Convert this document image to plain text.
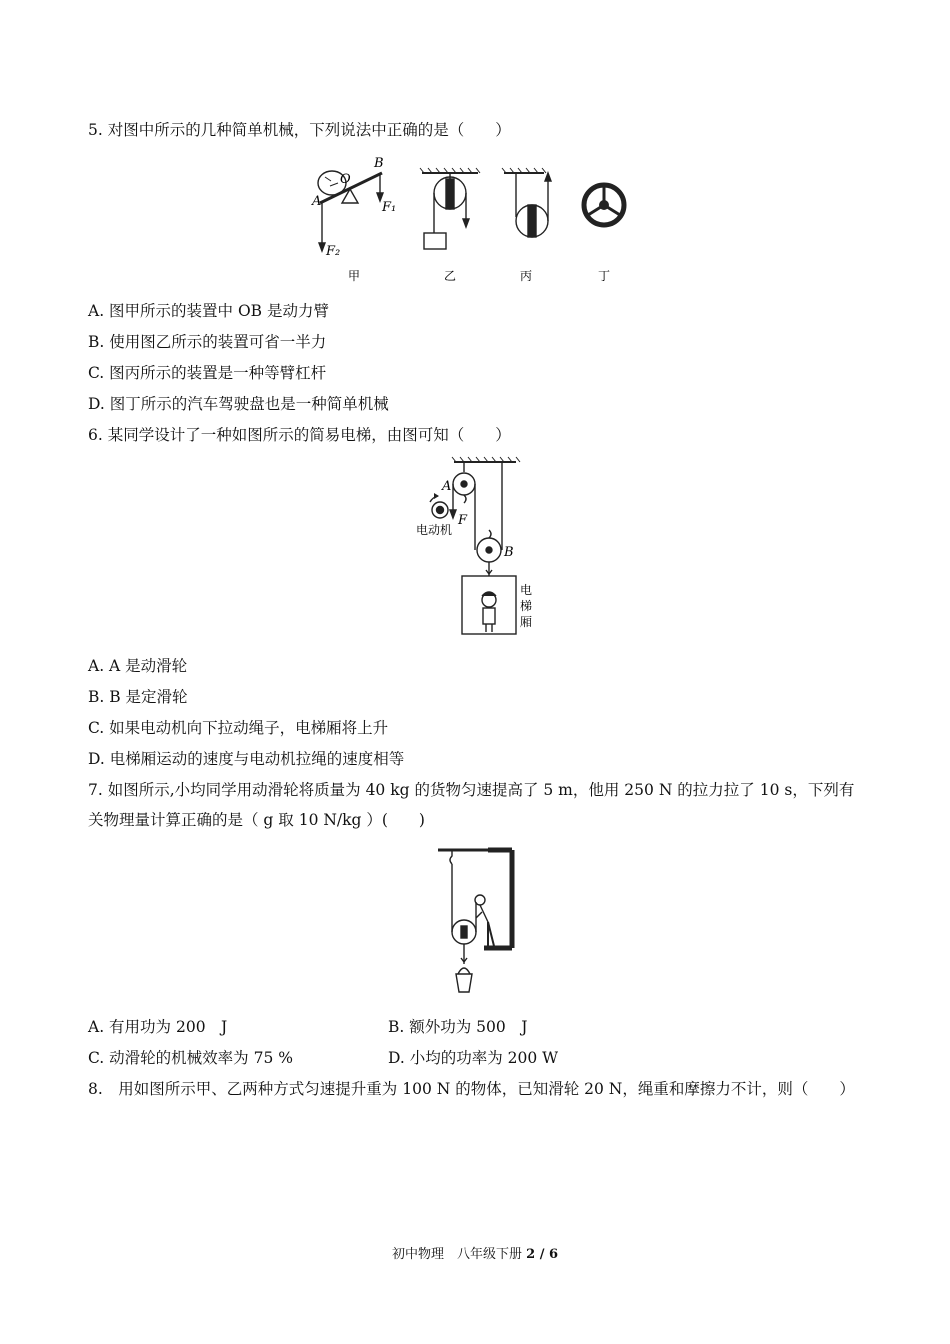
5. 对图中所示的几种简单机械，下列说法中正确的是（　　）
B
O
A	F₁
F₂
甲	乙	丙	丁
A. 图甲所示的装置中 OB 是动力臂
B. 使用图乙所示的装置可省一半力
C. 图丙所示的装置是一种等臂杠杆
D. 图丁所示的汽车驾驶盘也是一种简单机械
6. 某同学设计了一种如图所示的简易电梯，由图可知（　　）
A
F
B
电动机
电
梯
厢
A. A 是动滑轮
B. B 是定滑轮
C. 如果电动机向下拉动绳子，电梯厢将上升
D. 电梯厢运动的速度与电动机拉绳的速度相等
7. 如图所示,小均同学用动滑轮将质量为 40 kg 的货物匀速提高了 5 m，他用 250 N 的拉力拉了 10 s，下列有
关物理量计算正确的是（ g 取 10 N/kg ）(　　)
A. 有用功为 200　J	B. 额外功为 500　J
C. 动滑轮的机械效率为 75 %	D. 小均的功率为 200 W
8.　用如图所示甲、乙两种方式匀速提升重为 100 N 的物体，已知滑轮 20 N，绳重和摩擦力不计，则（　　）
初中物理　八年级下册 2 / 6
